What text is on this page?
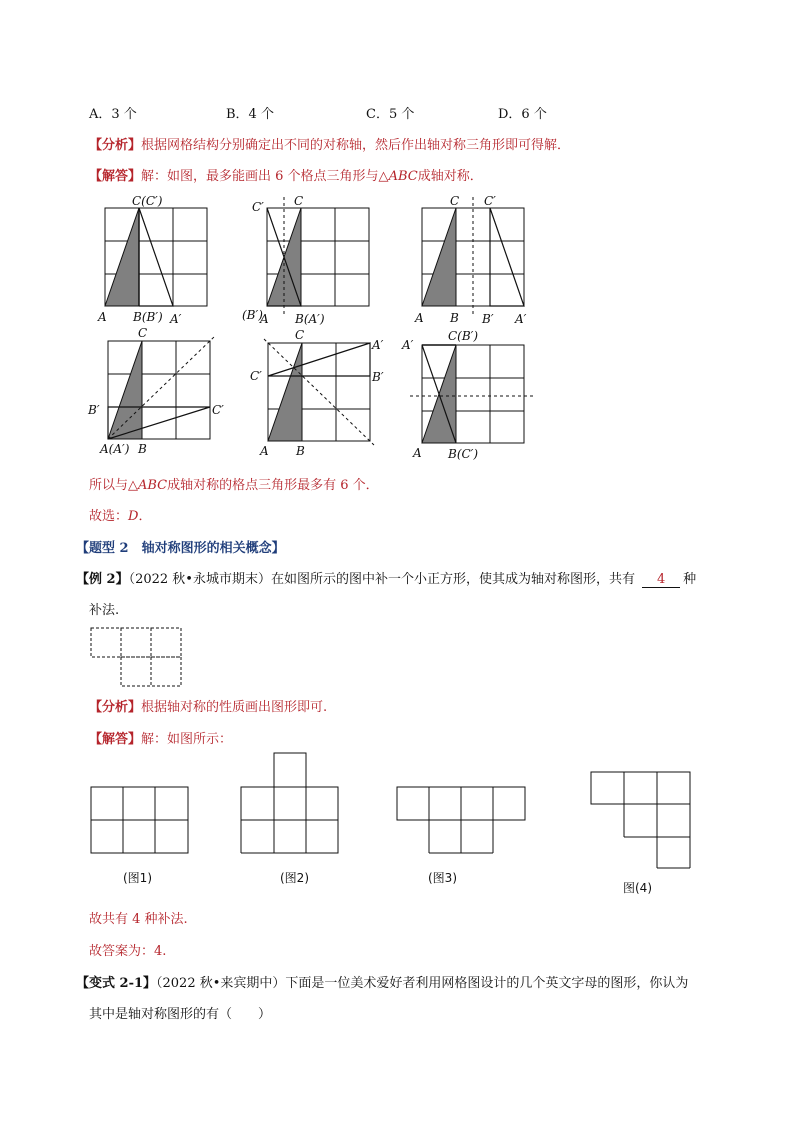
A．3 个	B．4 个	C．5 个	D．6 个
【分析】根据网格结构分别确定出不同的对称轴，然后作出轴对称三角形即可得解．
【解答】解：如图，最多能画出 6 个格点三角形与△ABC成轴对称．
C(C′)
A B(B′) A′
C′	C
(B′)
A B(A′)
C C′
A B B′ A′
C
B′	C′
A(A′) B
C
A′
C′	B′
A B
C(B′)
A′
A B(C′)
所以与△ABC成轴对称的格点三角形最多有 6 个．
故选：D．
【题型 2　轴对称图形的相关概念】
【例 2】（2022 秋•永城市期末）在如图所示的图中补一个小正方形，使其成为轴对称图形，共有 4 种
补法.
【分析】根据轴对称的性质画出图形即可.
【解答】解：如图所示：
(图1)	(图2)	(图3)
图(4)
故共有 4 种补法.
故答案为：4.
【变式 2-1】（2022 秋•来宾期中）下面是一位美术爱好者利用网格图设计的几个英文字母的图形，你认为
其中是轴对称图形的有（　　）
